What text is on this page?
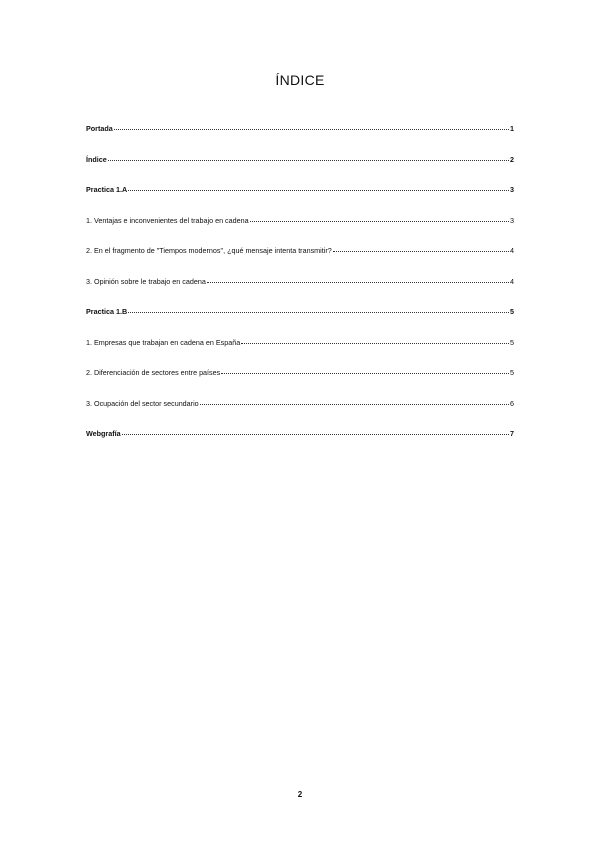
ÍNDICE
Portada	1
Índice	2
Practica 1.A	3
1. Ventajas e inconvenientes del trabajo en cadena	3
2. En el fragmento de "Tiempos modernos", ¿qué mensaje intenta transmitir?	4
3. Opinión sobre le trabajo en cadena	4
Practica 1.B	5
1. Empresas que trabajan en cadena en España	5
2. Diferenciación de sectores entre países	5
3. Ocupación del sector secundario	6
Webgrafía	7
2
